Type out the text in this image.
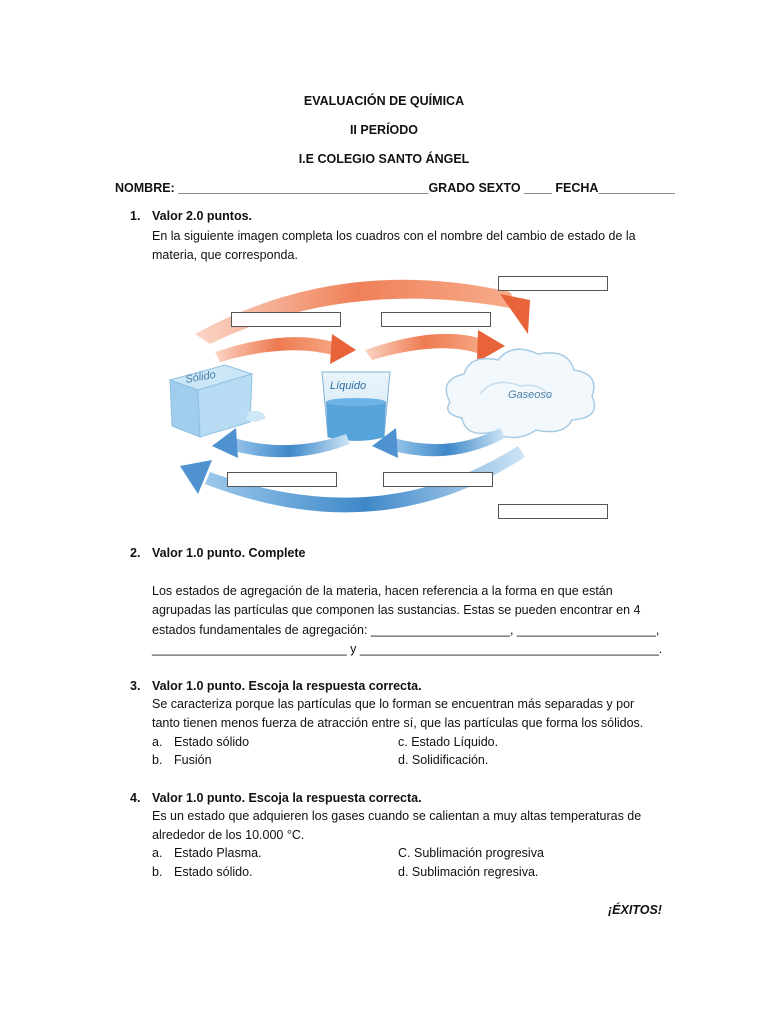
EVALUACIÓN DE QUÍMICA
II PERÍODO
I.E COLEGIO SANTO ÁNGEL
NOMBRE: ____________________________________GRADO SEXTO ____ FECHA___________
1. Valor 2.0 puntos.
En la siguiente imagen completa los cuadros con el nombre del cambio de estado de la
materia, que corresponda.
Sólido
Líquido
Gaseoso
2. Valor 1.0 punto. Complete
Los estados de agregación de la materia, hacen referencia a la forma en que están
agrupadas las partículas que componen las sustancias. Estas se pueden encontrar en 4
estados fundamentales de agregación: ____________________, ____________________,
____________________________ y ___________________________________________.
3. Valor 1.0 punto. Escoja la respuesta correcta.
Se caracteriza porque las partículas que lo forman se encuentran más separadas y por
tanto tienen menos fuerza de atracción entre sí, que las partículas que forma los sólidos.
a. Estado sólido	c. Estado Líquido.
b. Fusión	d. Solidificación.
4. Valor 1.0 punto. Escoja la respuesta correcta.
Es un estado que adquieren los gases cuando se calientan a muy altas temperaturas de
alrededor de los 10.000 °C.
a. Estado Plasma.	C. Sublimación progresiva
b. Estado sólido.	d. Sublimación regresiva.
¡ÉXITOS!
